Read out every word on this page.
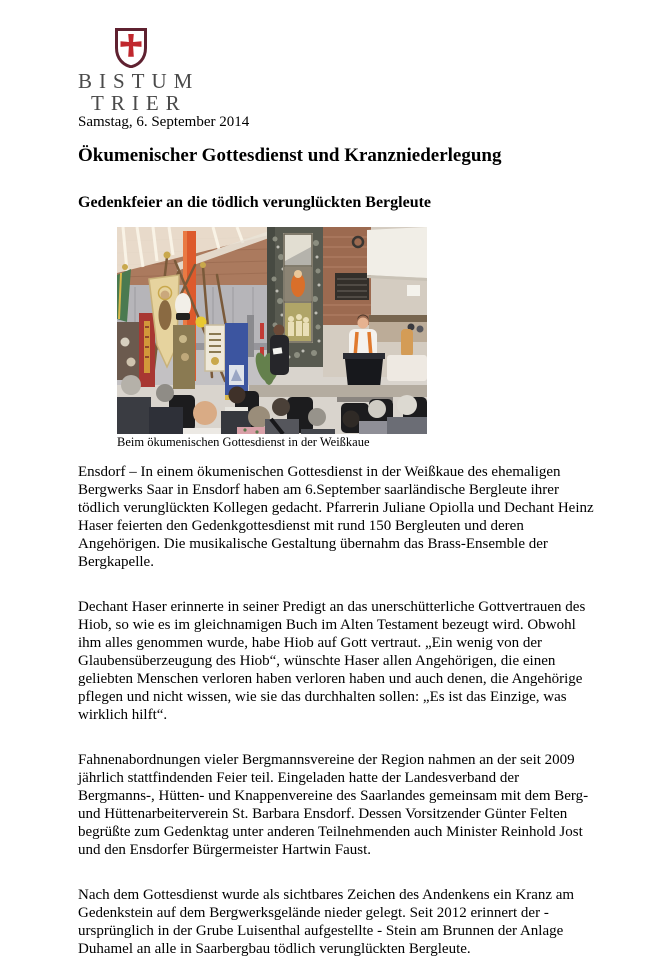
BISTUM
TRIER
Samstag, 6. September 2014
Ökumenischer Gottesdienst und Kranzniederlegung
Gedenkfeier an die tödlich verunglückten Bergleute
Beim ökumenischen Gottesdienst in der Weißkaue

Ensdorf – In einem ökumenischen Gottesdienst in der Weißkaue des ehemaligen Bergwerks Saar in Ensdorf haben am 6.September saarländische Bergleute ihrer tödlich verunglückten Kollegen gedacht. Pfarrerin Juliane Opiolla und Dechant Heinz Haser feierten den Gedenkgottesdienst mit rund 150 Bergleuten und deren Angehörigen. Die musikalische Gestaltung übernahm das Brass-Ensemble der Bergkapelle.

Dechant Haser erinnerte in seiner Predigt an das unerschütterliche Gottvertrauen des Hiob, so wie es im gleichnamigen Buch im Alten Testament bezeugt wird. Obwohl ihm alles genommen wurde, habe Hiob auf Gott vertraut. „Ein wenig von der Glaubensüberzeugung des Hiob“, wünschte Haser allen Angehörigen, die einen geliebten Menschen verloren haben verloren haben und auch denen, die Angehörige pflegen und nicht wissen, wie sie das durchhalten sollen: „Es ist das Einzige, was wirklich hilft“.

Fahnenabordnungen vieler Bergmannsvereine der Region nahmen an der seit 2009 jährlich stattfindenden Feier teil. Eingeladen hatte der Landesverband der Bergmanns-, Hütten- und Knappenvereine des Saarlandes gemeinsam mit dem Berg- und Hüttenarbeiterverein St. Barbara Ensdorf. Dessen Vorsitzender Günter Felten begrüßte zum Gedenktag unter anderen Teilnehmenden auch Minister Reinhold Jost und den Ensdorfer Bürgermeister Hartwin Faust.

Nach dem Gottesdienst wurde als sichtbares Zeichen des Andenkens ein Kranz am Gedenkstein auf dem Bergwerksgelände nieder gelegt. Seit 2012 erinnert der - ursprünglich in der Grube Luisenthal aufgestellte - Stein am Brunnen der Anlage Duhamel an alle in Saarbergbau tödlich verunglückten Bergleute.
